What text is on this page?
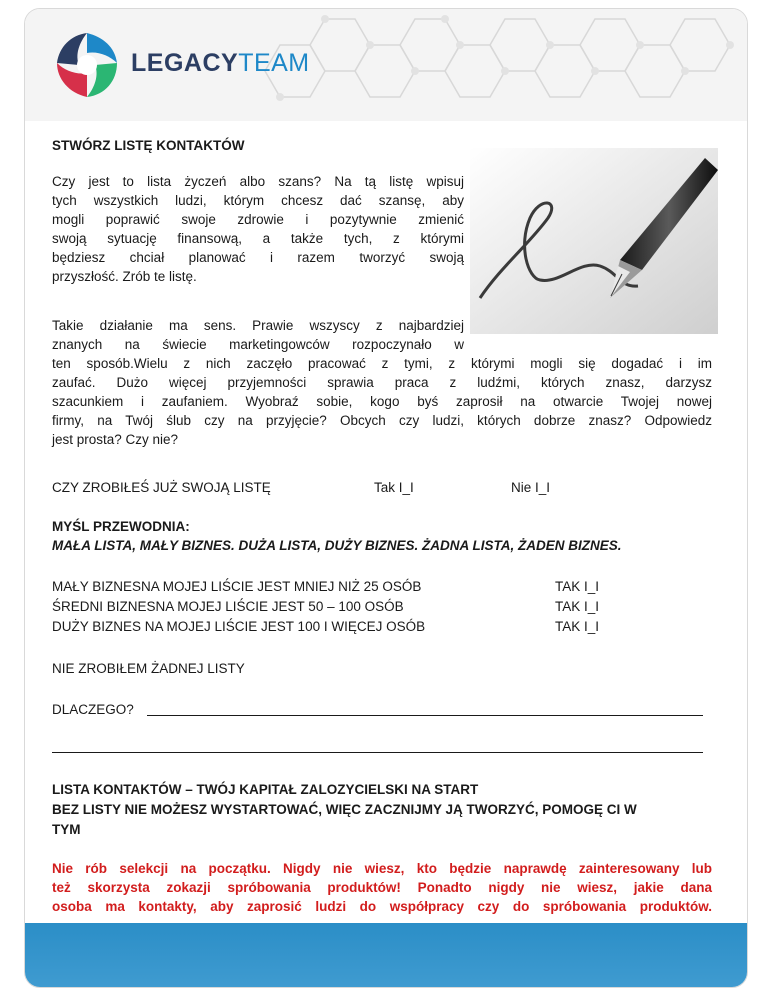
LEGACYTEAM
STWÓRZ LISTĘ KONTAKTÓW
Czy jest to lista życzeń albo szans? Na tą listę wpisuj
tych wszystkich ludzi, którym chcesz dać szansę, aby
mogli poprawić swoje zdrowie i pozytywnie zmienić
swoją sytuację finansową, a także tych, z którymi
będziesz chciał planować i razem tworzyć swoją
przyszłość. Zrób te listę.
Takie działanie ma sens. Prawie wszyscy z najbardziej
znanych na świecie marketingowców rozpoczynało w
ten sposób.Wielu z nich zaczęło pracować z tymi, z którymi mogli się dogadać i im
zaufać. Dużo więcej przyjemności sprawia praca z ludźmi, których znasz, darzysz
szacunkiem i zaufaniem. Wyobraź sobie, kogo byś zaprosił na otwarcie Twojej nowej
firmy, na Twój ślub czy na przyjęcie? Obcych czy ludzi, których dobrze znasz? Odpowiedz
jest prosta? Czy nie?
CZY ZROBIŁEŚ JUŻ SWOJĄ LISTĘ	Tak I_I	Nie I_I
MYŚL PRZEWODNIA:
MAŁA LISTA, MAŁY BIZNES. DUŻA LISTA, DUŻY BIZNES. ŻADNA LISTA, ŻADEN BIZNES.
MAŁY BIZNESNA MOJEJ LIŚCIE JEST MNIEJ NIŻ 25 OSÓB	TAK I_I
ŚREDNI BIZNESNA MOJEJ LIŚCIE JEST 50 – 100 OSÓB	TAK I_I
DUŻY BIZNES NA MOJEJ LIŚCIE JEST 100 I WIĘCEJ OSÓB	TAK I_I
NIE ZROBIŁEM ŻADNEJ LISTY
DLACZEGO?
LISTA KONTAKTÓW – TWÓJ KAPITAŁ ZALOZYCIELSKI NA START
BEZ LISTY NIE MOŻESZ WYSTARTOWAĆ, WIĘC ZACZNIJMY JĄ TWORZYĆ, POMOGĘ CI W
TYM
Nie rób selekcji na początku. Nigdy nie wiesz, kto będzie naprawdę zainteresowany lub
też skorzysta zokazji spróbowania produktów! Ponadto nigdy nie wiesz, jakie dana
osoba ma kontakty, aby zaprosić ludzi do współpracy czy do spróbowania produktów.
